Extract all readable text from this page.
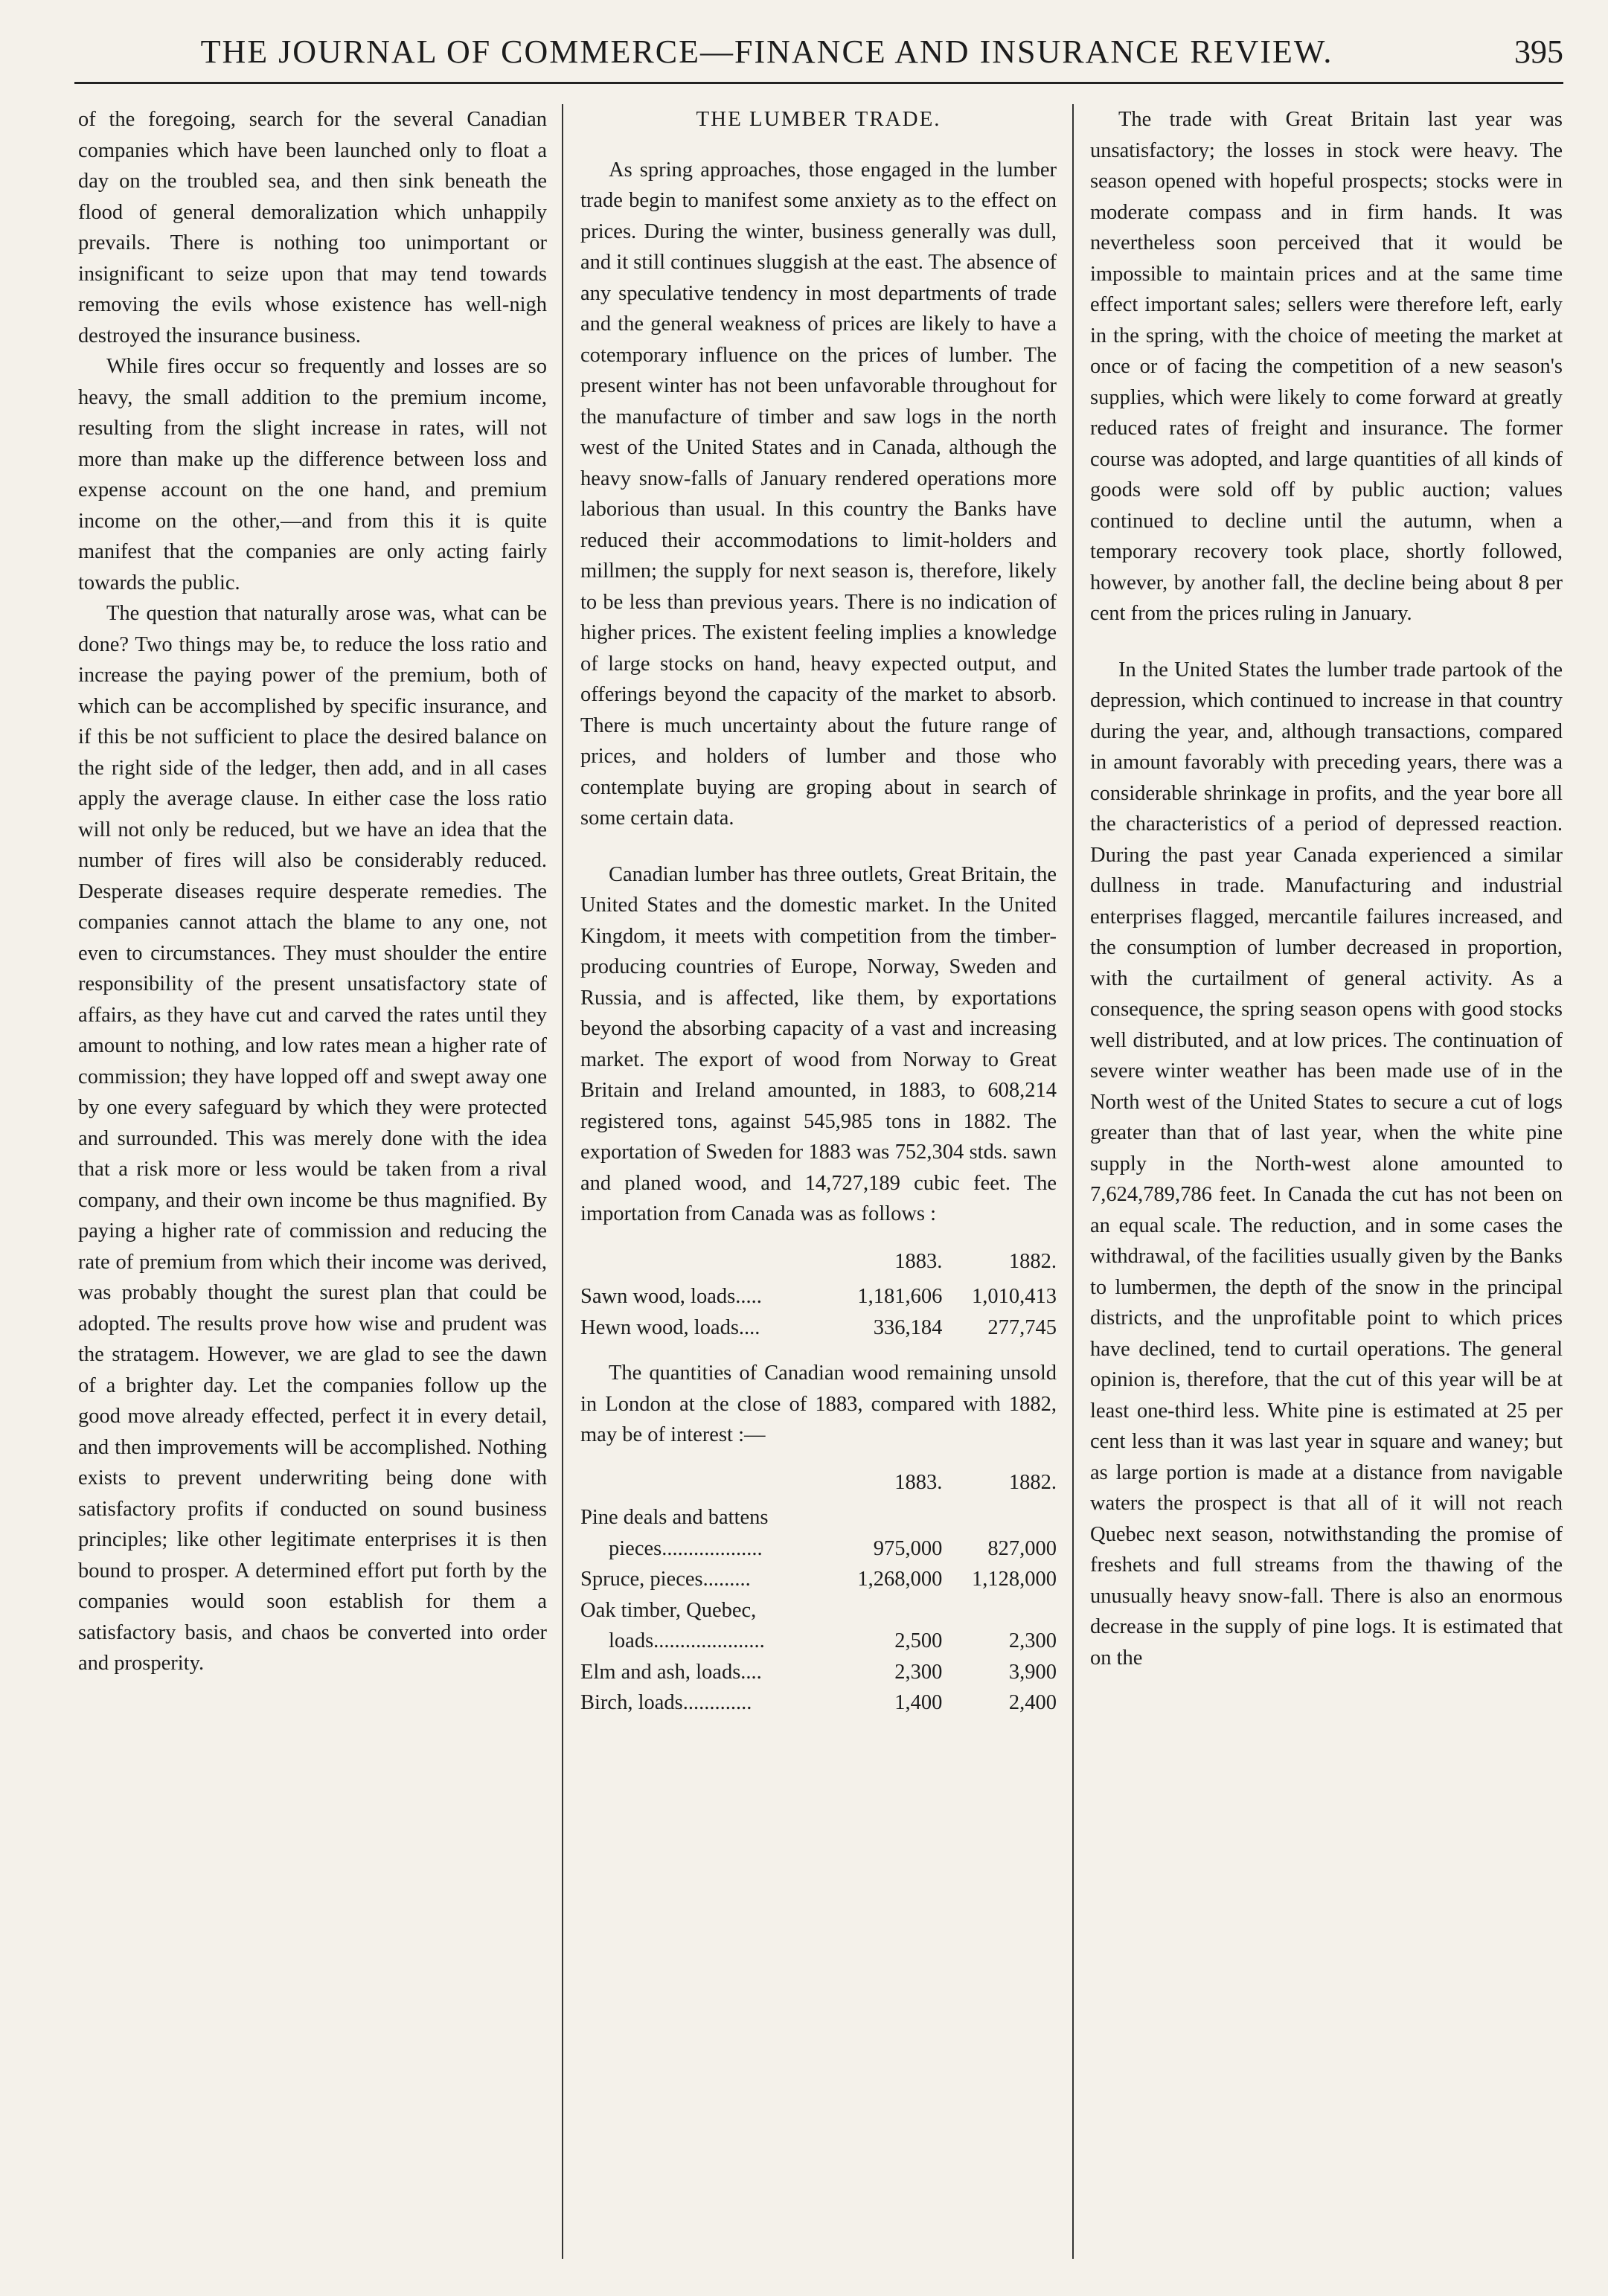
THE JOURNAL OF COMMERCE—FINANCE AND INSURANCE REVIEW.	395

of the foregoing, search for the several Canadian companies which have been launched only to float a day on the troubled sea, and then sink beneath the flood of general demoralization which unhappily prevails. There is nothing too unimportant or insignificant to seize upon that may tend towards removing the evils whose existence has well-nigh destroyed the insurance business.

While fires occur so frequently and losses are so heavy, the small addition to the premium income, resulting from the slight increase in rates, will not more than make up the difference between loss and expense account on the one hand, and premium income on the other,—and from this it is quite manifest that the companies are only acting fairly towards the public.

The question that naturally arose was, what can be done? Two things may be, to reduce the loss ratio and increase the paying power of the premium, both of which can be accomplished by specific insurance, and if this be not sufficient to place the desired balance on the right side of the ledger, then add, and in all cases apply the average clause. In either case the loss ratio will not only be reduced, but we have an idea that the number of fires will also be considerably reduced. Desperate diseases require desperate remedies. The companies cannot attach the blame to any one, not even to circumstances. They must shoulder the entire responsibility of the present unsatisfactory state of affairs, as they have cut and carved the rates until they amount to nothing, and low rates mean a higher rate of commission; they have lopped off and swept away one by one every safeguard by which they were protected and surrounded. This was merely done with the idea that a risk more or less would be taken from a rival company, and their own income be thus magnified. By paying a higher rate of commission and reducing the rate of premium from which their income was derived, was probably thought the surest plan that could be adopted. The results prove how wise and prudent was the stratagem. However, we are glad to see the dawn of a brighter day. Let the companies follow up the good move already effected, perfect it in every detail, and then improvements will be accomplished. Nothing exists to prevent underwriting being done with satisfactory profits if conducted on sound business principles; like other legitimate enterprises it is then bound to prosper. A determined effort put forth by the companies would soon establish for them a satisfactory basis, and chaos be converted into order and prosperity.

THE LUMBER TRADE.

As spring approaches, those engaged in the lumber trade begin to manifest some anxiety as to the effect on prices. During the winter, business generally was dull, and it still continues sluggish at the east. The absence of any speculative tendency in most departments of trade and the general weakness of prices are likely to have a cotemporary influence on the prices of lumber. The present winter has not been unfavorable throughout for the manufacture of timber and saw logs in the north west of the United States and in Canada, although the heavy snow-falls of January rendered operations more laborious than usual. In this country the Banks have reduced their accommodations to limit-holders and millmen; the supply for next season is, therefore, likely to be less than previous years. There is no indication of higher prices. The existent feeling implies a knowledge of large stocks on hand, heavy expected output, and offerings beyond the capacity of the market to absorb. There is much uncertainty about the future range of prices, and holders of lumber and those who contemplate buying are groping about in search of some certain data.

Canadian lumber has three outlets, Great Britain, the United States and the domestic market. In the United Kingdom, it meets with competition from the timber-producing countries of Europe, Norway, Sweden and Russia, and is affected, like them, by exportations beyond the absorbing capacity of a vast and increasing market. The export of wood from Norway to Great Britain and Ireland amounted, in 1883, to 608,214 registered tons, against 545,985 tons in 1882. The exportation of Sweden for 1883 was 752,304 stds. sawn and planed wood, and 14,727,189 cubic feet. The importation from Canada was as follows :

	1883.	1882.
Sawn wood, loads.....	1,181,606	1,010,413
Hewn wood, loads....	336,184	277,745

The quantities of Canadian wood remaining unsold in London at the close of 1883, compared with 1882, may be of interest :—

	1883.	1882.
Pine deals and battens		
pieces...................	975,000	827,000
Spruce, pieces.........	1,268,000	1,128,000
Oak timber, Quebec,		
loads.....................	2,500	2,300
Elm and ash, loads....	2,300	3,900
Birch, loads.............	1,400	2,400

The trade with Great Britain last year was unsatisfactory; the losses in stock were heavy. The season opened with hopeful prospects; stocks were in moderate compass and in firm hands. It was nevertheless soon perceived that it would be impossible to maintain prices and at the same time effect important sales; sellers were therefore left, early in the spring, with the choice of meeting the market at once or of facing the competition of a new season's supplies, which were likely to come forward at greatly reduced rates of freight and insurance. The former course was adopted, and large quantities of all kinds of goods were sold off by public auction; values continued to decline until the autumn, when a temporary recovery took place, shortly followed, however, by another fall, the decline being about 8 per cent from the prices ruling in January.

In the United States the lumber trade partook of the depression, which continued to increase in that country during the year, and, although transactions, compared in amount favorably with preceding years, there was a considerable shrinkage in profits, and the year bore all the characteristics of a period of depressed reaction. During the past year Canada experienced a similar dullness in trade. Manufacturing and industrial enterprises flagged, mercantile failures increased, and the consumption of lumber decreased in proportion, with the curtailment of general activity. As a consequence, the spring season opens with good stocks well distributed, and at low prices. The continuation of severe winter weather has been made use of in the North west of the United States to secure a cut of logs greater than that of last year, when the white pine supply in the North-west alone amounted to 7,624,789,786 feet. In Canada the cut has not been on an equal scale. The reduction, and in some cases the withdrawal, of the facilities usually given by the Banks to lumbermen, the depth of the snow in the principal districts, and the unprofitable point to which prices have declined, tend to curtail operations. The general opinion is, therefore, that the cut of this year will be at least one-third less. White pine is estimated at 25 per cent less than it was last year in square and waney; but as large portion is made at a distance from navigable waters the prospect is that all of it will not reach Quebec next season, notwithstanding the promise of freshets and full streams from the thawing of the unusually heavy snow-fall. There is also an enormous decrease in the supply of pine logs. It is estimated that on the
